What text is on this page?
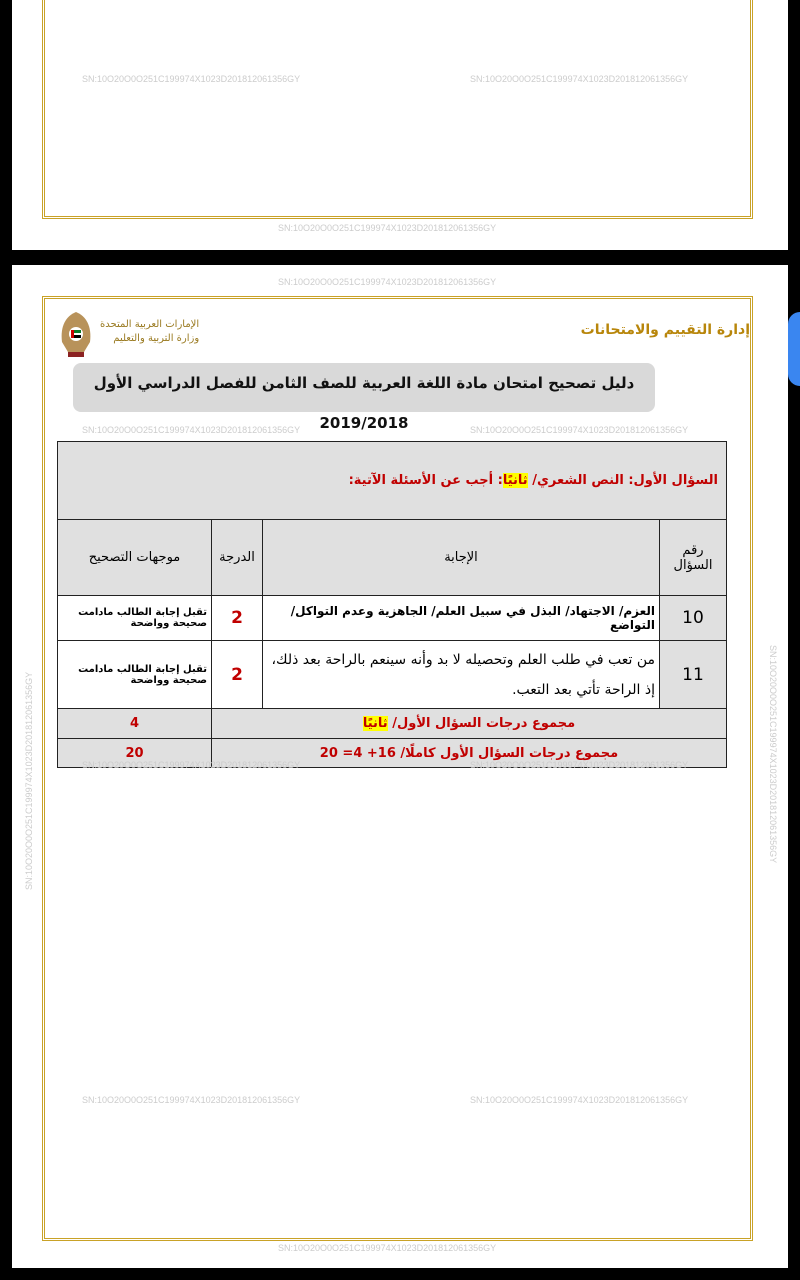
SN:10O20O0O251C199974X1023D201812061356GY	SN:10O20O0O251C199974X1023D201812061356GY
SN:10O20O0O251C199974X1023D201812061356GY
SN:10O20O0O251C199974X1023D201812061356GY
إدارة التقييم والامتحانات
الإمارات العربية المتحدة
وزارة التربية والتعليم
دليل تصحيح امتحان مادة اللغة العربية للصف الثامن للفصل الدراسي الأول 2019/2018
SN:10O20O0O251C199974X1023D201812061356GY	SN:10O20O0O251C199974X1023D201812061356GY
السؤال الأول: النص الشعري/ ثانيًا: أجب عن الأسئلة الآتية:			
رقم السؤال	الإجابة	الدرجة	موجهات التصحيح
10	العزم/ الاجتهاد/ البذل في سبيل العلم/ الجاهزية وعدم التواكل/ التواضع	2	تقبل إجابة الطالب مادامت صحيحة وواضحة
11	من تعب في طلب العلم وتحصيله لا بد وأنه سينعم بالراحة بعد ذلك، إذ الراحة تأتي بعد التعب.	2	تقبل إجابة الطالب مادامت صحيحة وواضحة
مجموع درجات السؤال الأول/ ثانيًا			4
مجموع درجات السؤال الأول كاملًا/ 16+ 4= 20			20
SN:10O20O0O251C199974X1023D201812061356GY	SN:10O20O0O251C199974X1023D201812061356GY
SN:10O20O0O251C199974X1023D201812061356GY	SN:10O20O0O251C199974X1023D201812061356GY
SN:10O20O0O251C199974X1023D201812061356GY	SN:10O20O0O251C199974X1023D201812061356GY
SN:10O20O0O251C199974X1023D201812061356GY
